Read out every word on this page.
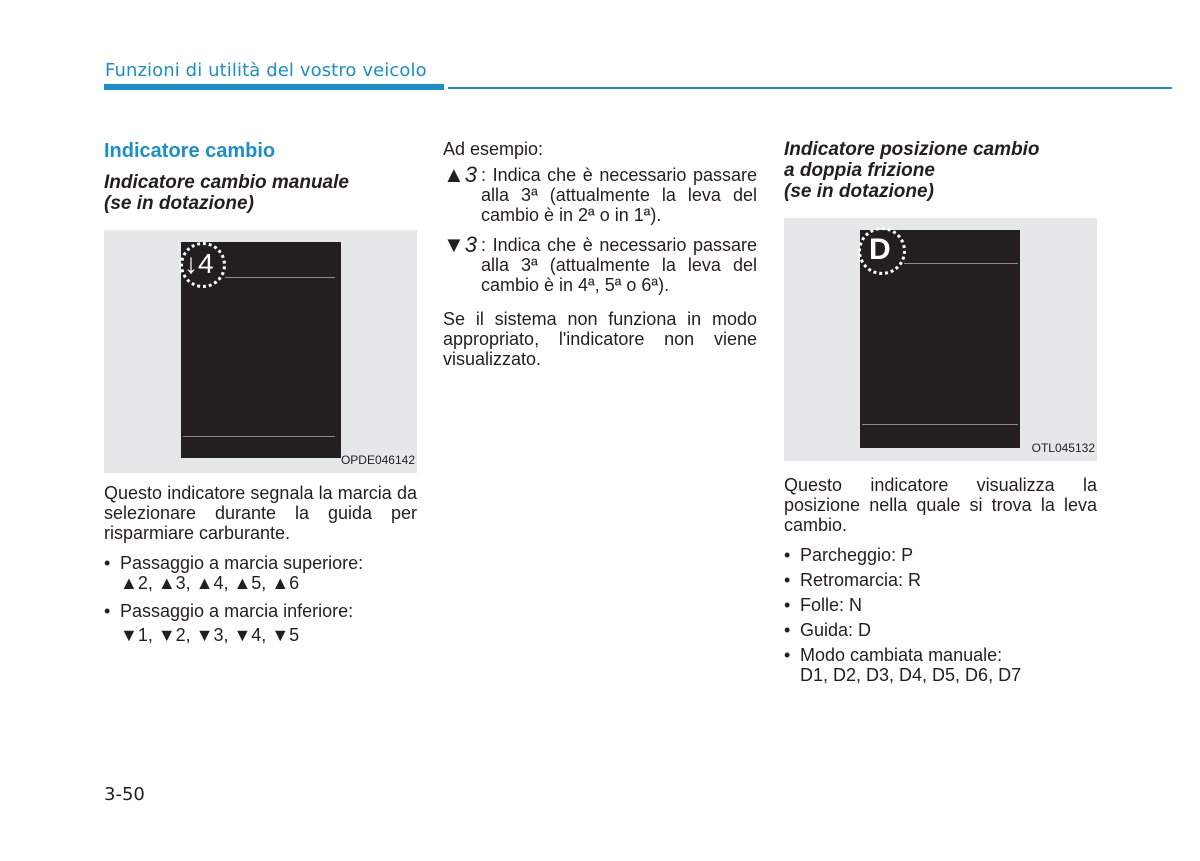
Funzioni di utilità del vostro veicolo
Indicatore cambio

Indicatore cambio manuale

(se in dotazione)

↓4
OPDE046142

Questo indicatore segnala la marcia da selezionare durante la guida per risparmiare carburante.

• Passaggio a marcia superiore:
▲2, ▲3, ▲4, ▲5, ▲6
• Passaggio a marcia inferiore:
▼1, ▼2, ▼3, ▼4, ▼5

Ad esempio:

▲3 : Indica che è necessario passare alla 3ª (attualmente la leva del cambio è in 2ª o in 1ª).
▼3 : Indica che è necessario passare alla 3ª (attualmente la leva del cambio è in 4ª, 5ª o 6ª).

Se il sistema non funziona in modo appropriato, l'indicatore non viene visualizzato.

Indicatore posizione cambio

a doppia frizione

(se in dotazione)

D
OTL045132

Questo indicatore visualizza la posizione nella quale si trova la leva cambio.

• Parcheggio: P
• Retromarcia: R
• Folle: N
• Guida: D
• Modo cambiata manuale:
D1, D2, D3, D4, D5, D6, D7
3-50
